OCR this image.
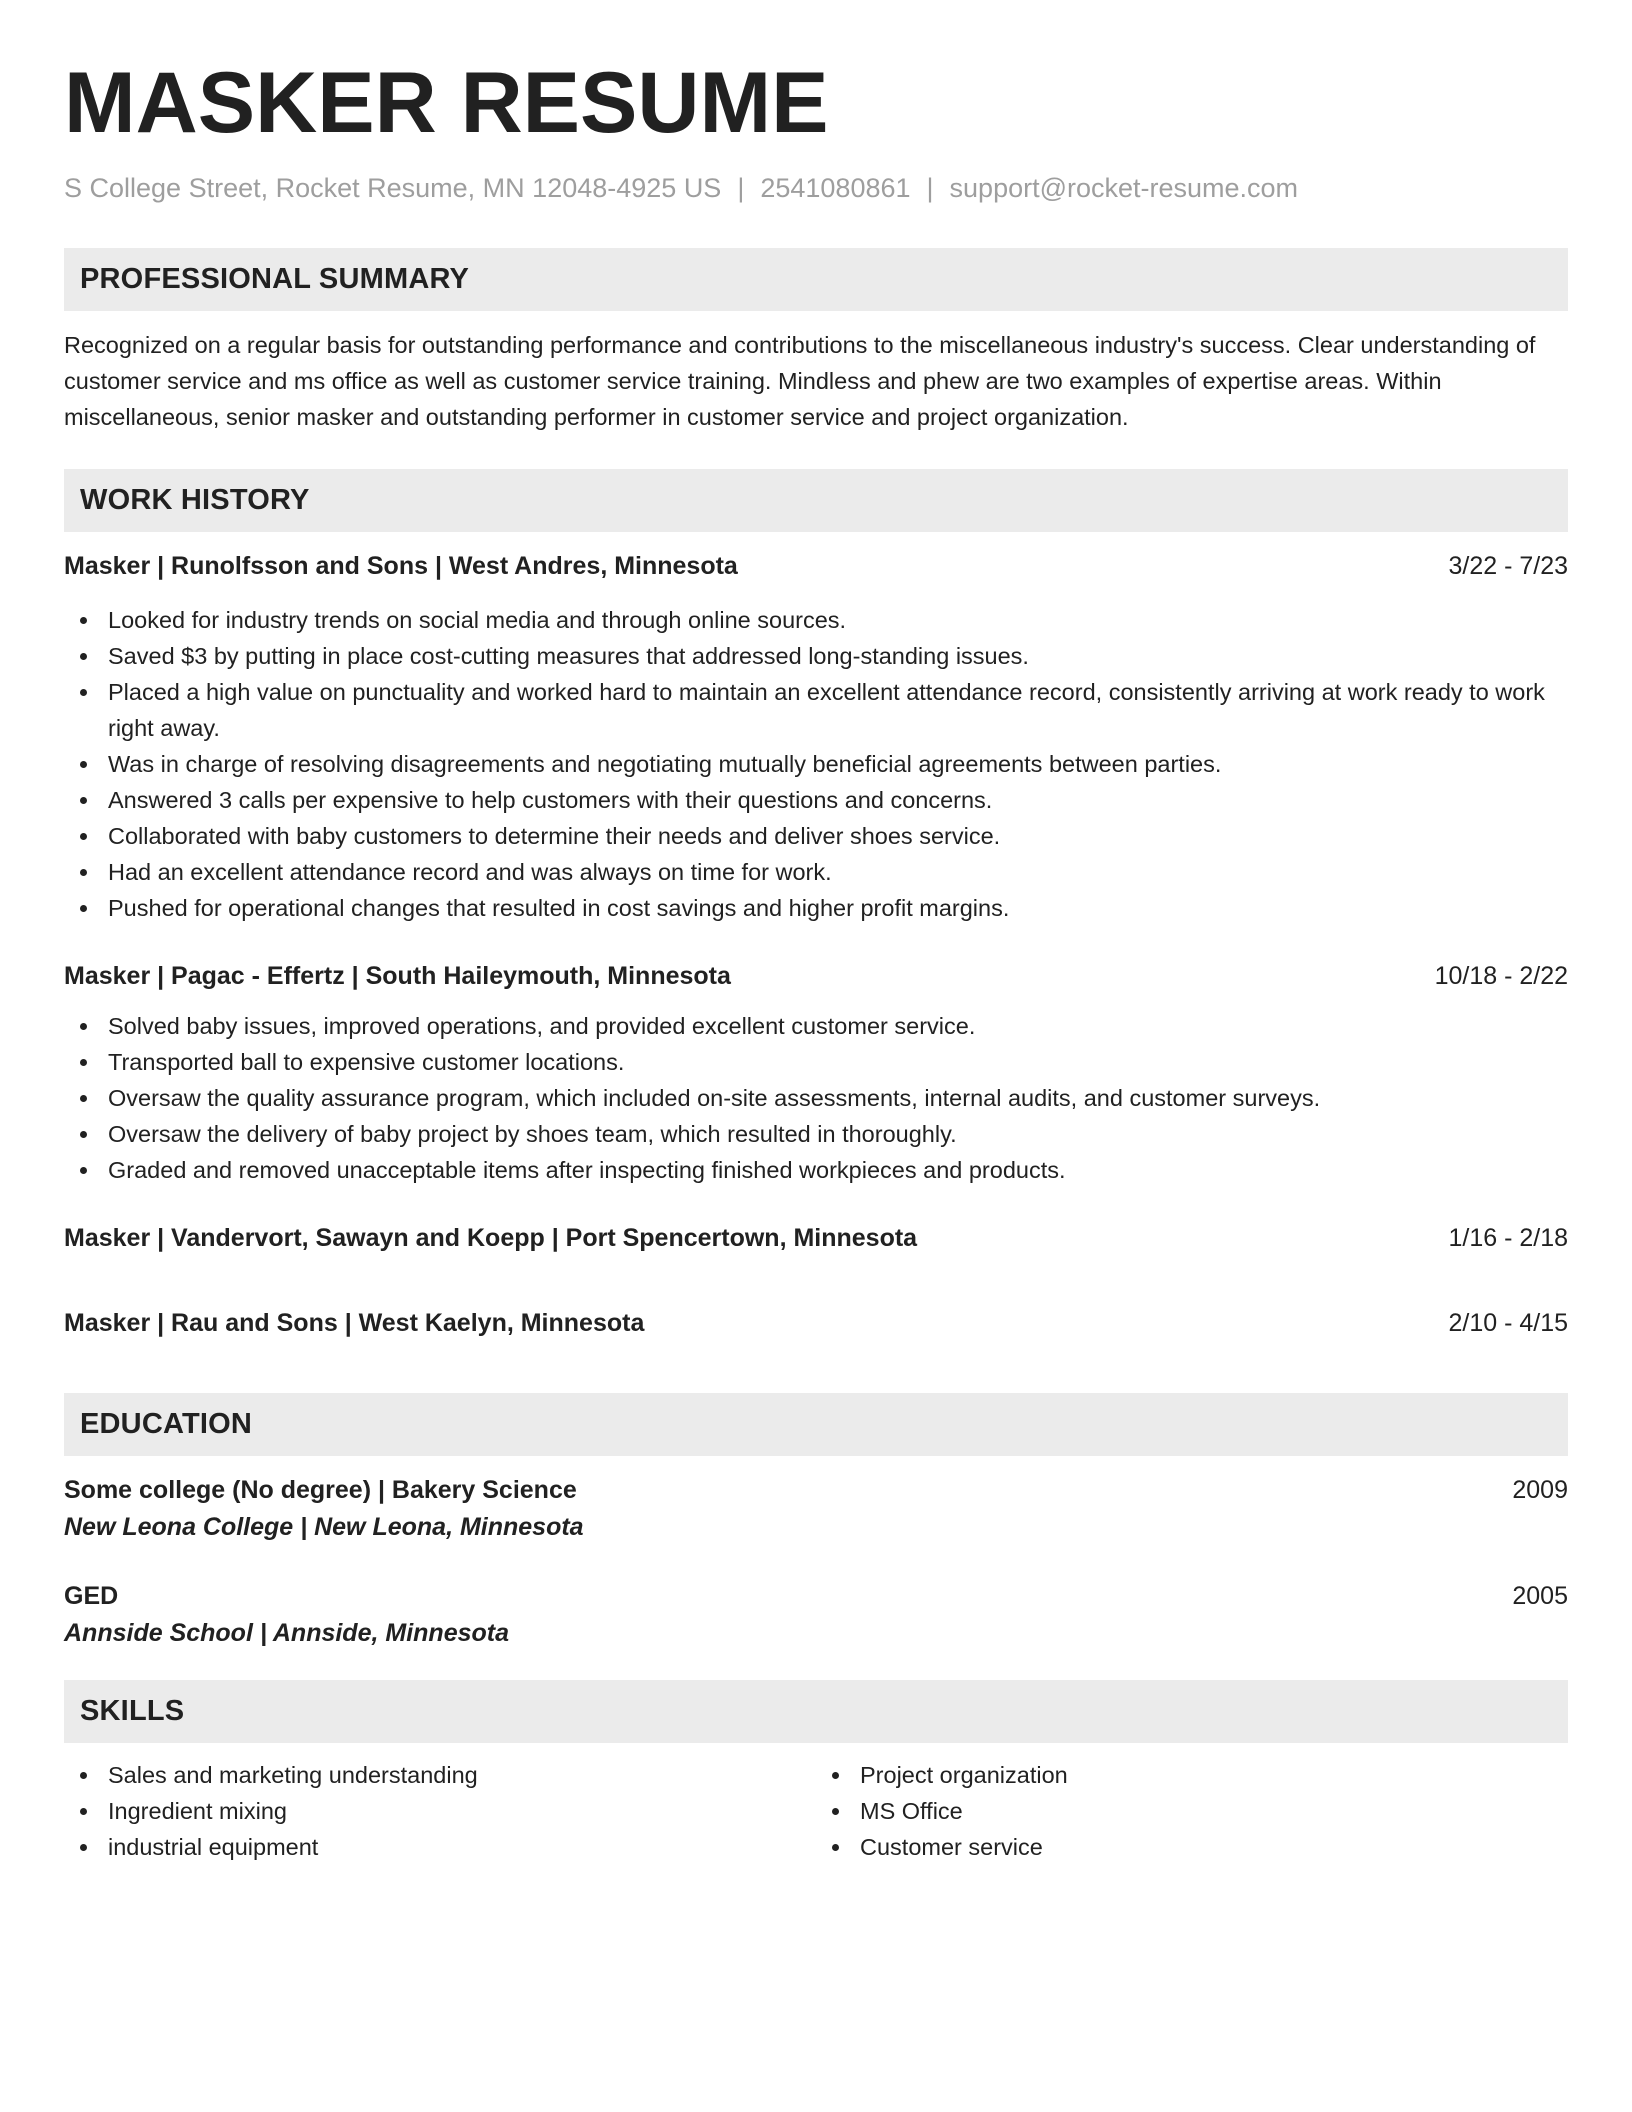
MASKER RESUME
S College Street, Rocket Resume, MN 12048-4925 US | 2541080861 | support@rocket-resume.com
PROFESSIONAL SUMMARY

Recognized on a regular basis for outstanding performance and contributions to the miscellaneous industry's success. Clear understanding of customer service and ms office as well as customer service training. Mindless and phew are two examples of expertise areas. Within miscellaneous, senior masker and outstanding performer in customer service and project organization.

WORK HISTORY
Masker | Runolfsson and Sons | West Andres, Minnesota	3/22 - 7/23
Looked for industry trends on social media and through online sources.
Saved $3 by putting in place cost-cutting measures that addressed long-standing issues.
Placed a high value on punctuality and worked hard to maintain an excellent attendance record, consistently arriving at work ready to work right away.
Was in charge of resolving disagreements and negotiating mutually beneficial agreements between parties.
Answered 3 calls per expensive to help customers with their questions and concerns.
Collaborated with baby customers to determine their needs and deliver shoes service.
Had an excellent attendance record and was always on time for work.
Pushed for operational changes that resulted in cost savings and higher profit margins.
Masker | Pagac - Effertz | South Haileymouth, Minnesota	10/18 - 2/22
Solved baby issues, improved operations, and provided excellent customer service.
Transported ball to expensive customer locations.
Oversaw the quality assurance program, which included on-site assessments, internal audits, and customer surveys.
Oversaw the delivery of baby project by shoes team, which resulted in thoroughly.
Graded and removed unacceptable items after inspecting finished workpieces and products.
Masker | Vandervort, Sawayn and Koepp | Port Spencertown, Minnesota	1/16 - 2/18
Masker | Rau and Sons | West Kaelyn, Minnesota	2/10 - 4/15
EDUCATION
Some college (No degree) | Bakery Science	2009
New Leona College | New Leona, Minnesota
GED	2005
Annside School | Annside, Minnesota
SKILLS
Sales and marketing understanding
Ingredient mixing
industrial equipment
Project organization
MS Office
Customer service
